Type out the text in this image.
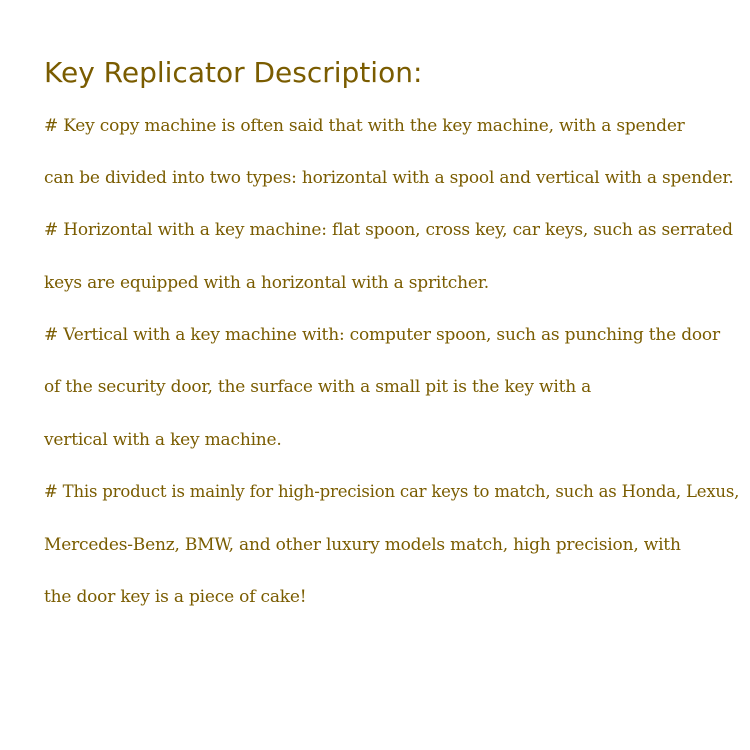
Key Replicator Description:

# Key copy machine is often said that with the key machine, with a spender

can be divided into two types: horizontal with a spool and vertical with a spender.

# Horizontal with a key machine: flat spoon, cross key, car keys, such as serrated

keys are equipped with a horizontal with a spritcher.

# Vertical with a key machine with: computer spoon, such as punching the door

of the security door, the surface with a small pit is the key with a

vertical with a key machine.

# This product is mainly for high-precision car keys to match, such as Honda, Lexus,

Mercedes-Benz, BMW, and other luxury models match, high precision, with

the door key is a piece of cake!
